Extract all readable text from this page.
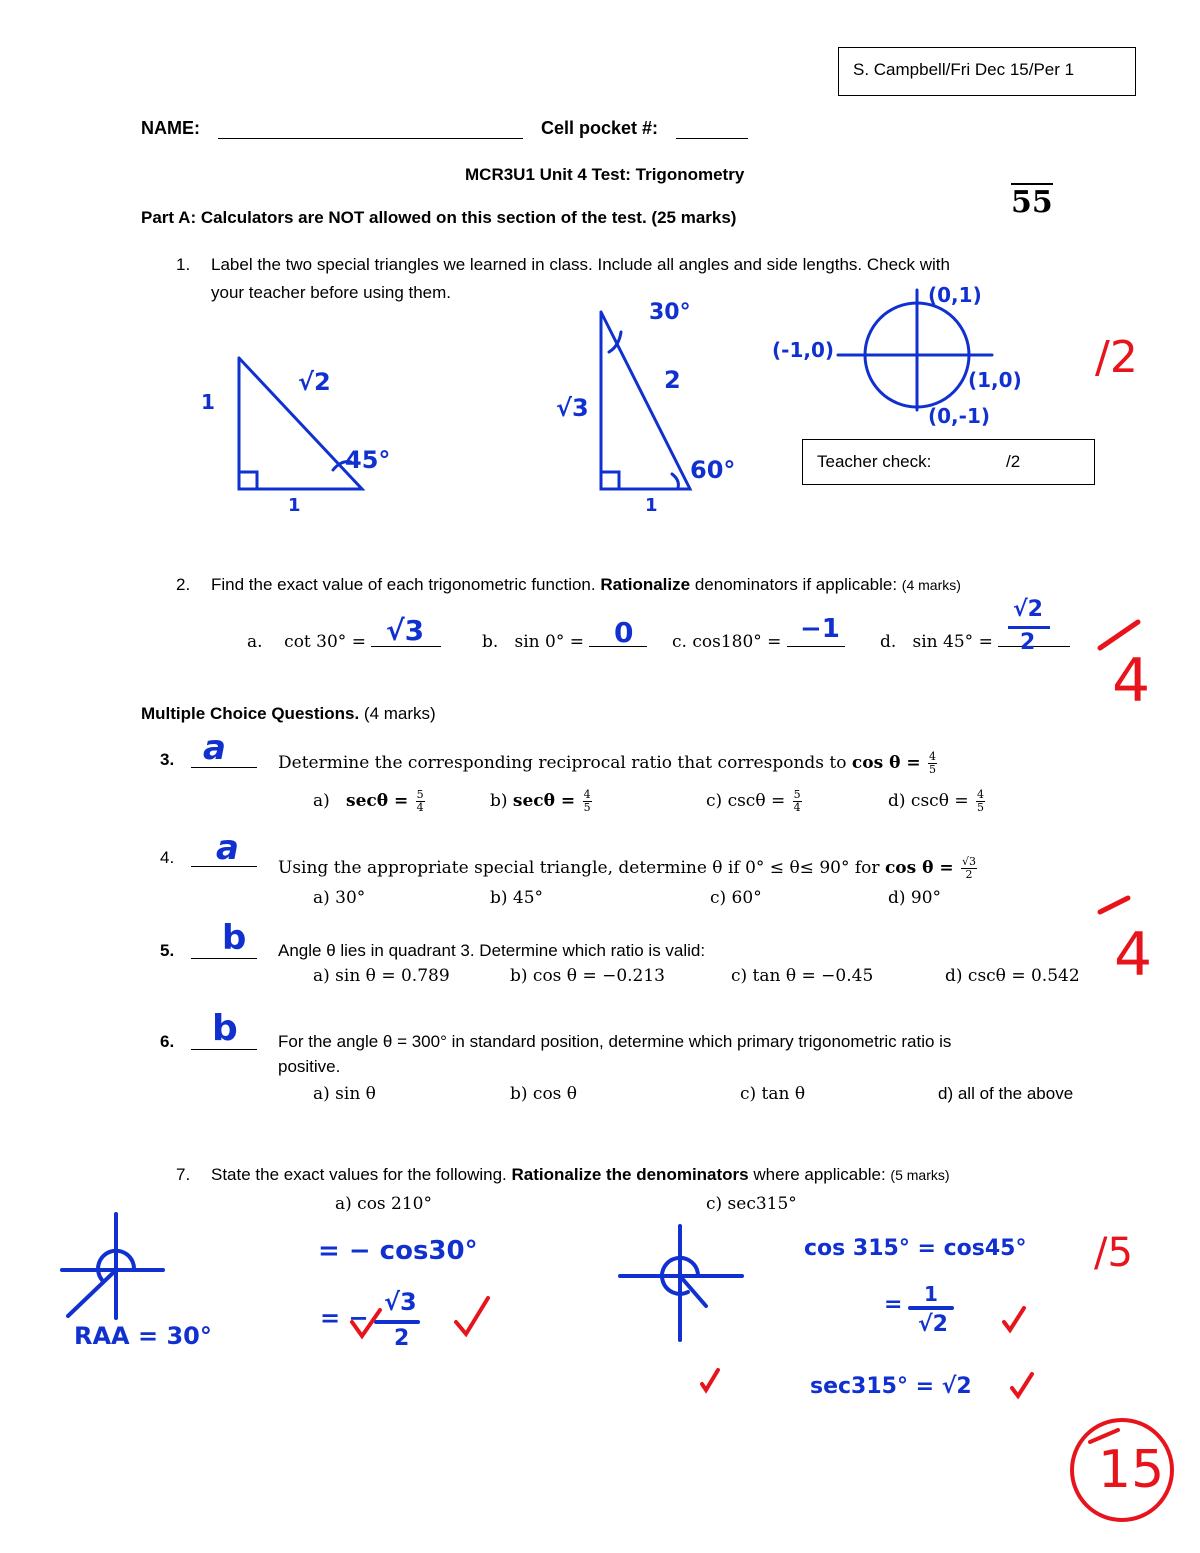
S. Campbell/Fri Dec 15/Per 1
NAME:	Cell pocket #:
MCR3U1 Unit 4 Test: Trigonometry
55
Part A: Calculators are NOT allowed on this section of the test. (25 marks)
1. Label the two special triangles we learned in class. Include all angles and side lengths. Check with
your teacher before using them.
1
√2
1
45°
√3
2
1
30°
60°
(0,1)
(-1,0)
(1,0)
(0,-1)
Teacher check:	/2
/2
2. Find the exact value of each trigonometric function. Rationalize denominators if applicable: (4 marks)
a. cot 30° = √3	b. sin 0° =	0 c. cos180° = −1 d. sin 45° =
√2
2
4
Multiple Choice Questions. (4 marks)
3. a	Determine the corresponding reciprocal ratio that corresponds to $\cos \theta = \frac{4}{5}$
a) $\sec\theta = \frac{5}{4}$	b) $\sec\theta = \frac{4}{5}$	c) $\csc\theta = \frac{5}{4}$	d) $\csc\theta = \frac{4}{5}$
4. a Using the appropriate special triangle, determine θ if 0° ≤ θ≤ 90° for $\cos \theta = \frac{√3}{2}$
a) 30°	b) 45°	c) 60°	d) 90°
5. b Angle θ lies in quadrant 3. Determine which ratio is valid:
a) sin θ = 0.789	b) cos θ = −0.213	c) tan θ = −0.45	d) cscθ = 0.542 4
6. b For the angle θ = 300° in standard position, determine which primary trigonometric ratio is
positive.
a) sin θ	b) cos θ	c) tan θ	d) all of the above
7. State the exact values for the following. Rationalize the denominators where applicable: (5 marks)
a) cos 210°	c) sec315°
RAA = 30°
= − cos30°
= −
√3
2
cos 315° = cos45°
= 1
√2
sec315° = √2
/5
15
